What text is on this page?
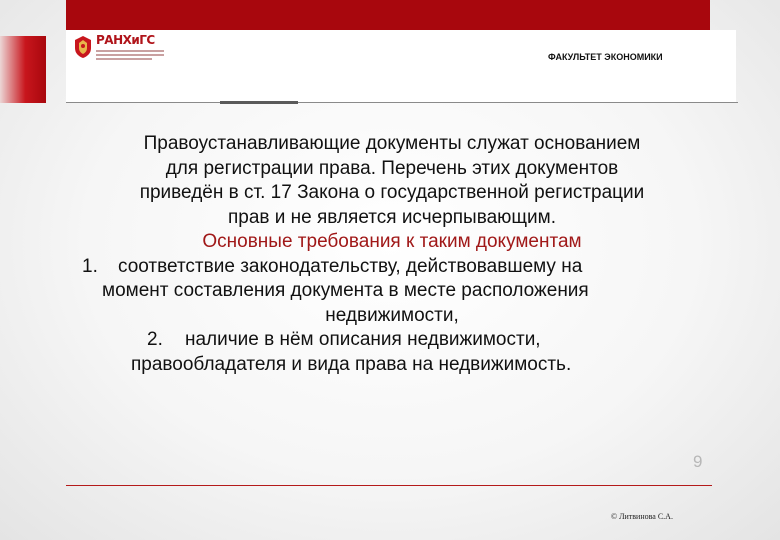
РАНХиГС
ФАКУЛЬТЕТ ЭКОНОМИКИ

Правоустанавливающие документы служат основанием
для регистрации права. Перечень этих документов
приведён в ст. 17 Закона о государственной регистрации
прав и не является исчерпывающим.

Основные требования к таким документам

1. соответствие законодательству, действовавшему на
момент составления документа в месте расположения
недвижимости,
2. наличие в нём описания недвижимости,
правообладателя и вида права на недвижимость.
9
© Литвинова С.А.
